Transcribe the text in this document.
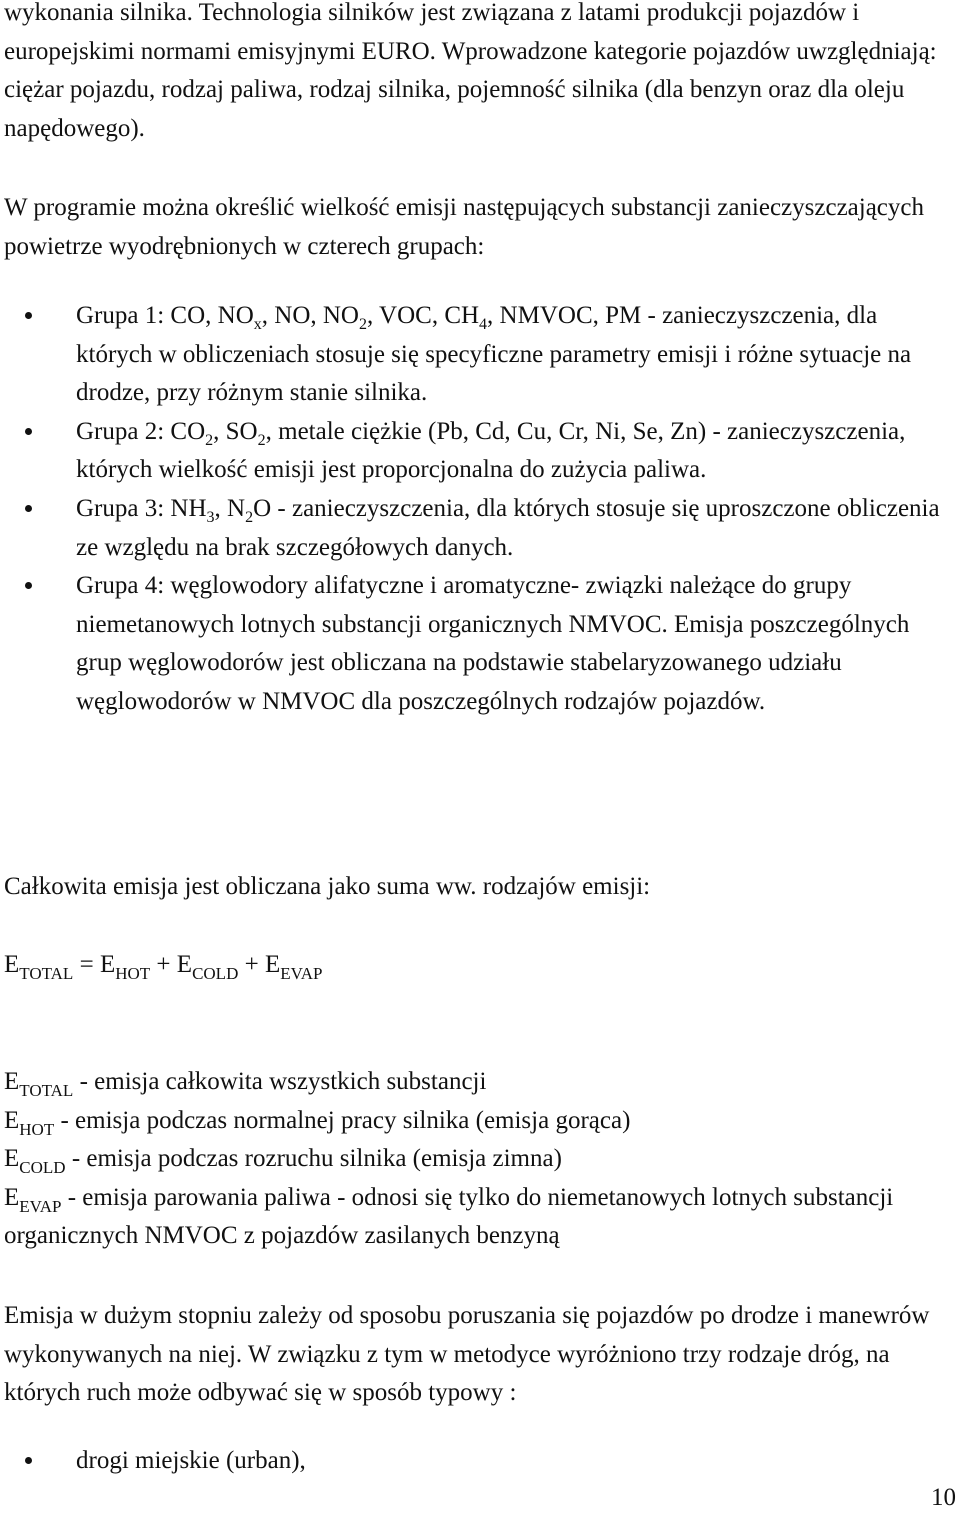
wykonania silnika. Technologia silników jest związana z latami produkcji pojazdów i europejskimi normami emisyjnymi EURO. Wprowadzone kategorie pojazdów uwzględniają: ciężar pojazdu, rodzaj paliwa, rodzaj silnika, pojemność silnika (dla benzyn oraz dla oleju napędowego).

W programie można określić wielkość emisji następujących substancji zanieczyszczających powietrze wyodrębnionych w czterech grupach:

Grupa 1: CO, $NO_x$, NO, $NO_2$, VOC, $CH_4$, NMVOC, PM - zanieczyszczenia, dla których w obliczeniach stosuje się specyficzne parametry emisji i różne sytuacje na drodze, przy różnym stanie silnika.
Grupa 2: $CO_2$, $SO_2$, metale ciężkie (Pb, Cd, Cu, Cr, Ni, Se, Zn) - zanieczyszczenia, których wielkość emisji jest proporcjonalna do zużycia paliwa.
Grupa 3: $NH_3$, $N_2O$ - zanieczyszczenia, dla których stosuje się uproszczone obliczenia ze względu na brak szczegółowych danych.
Grupa 4: węglowodory alifatyczne i aromatyczne- związki należące do grupy niemetanowych lotnych substancji organicznych NMVOC. Emisja poszczególnych grup węglowodorów jest obliczana na podstawie stabelaryzowanego udziału węglowodorów w NMVOC dla poszczególnych rodzajów pojazdów.

Całkowita emisja jest obliczana jako suma ww. rodzajów emisji:

$E_{TOTAL} = E_{HOT} + E_{COLD} + E_{EVAP}$

$E_{TOTAL}$ - emisja całkowita wszystkich substancji
$E_{HOT}$ - emisja podczas normalnej pracy silnika (emisja gorąca)
$E_{COLD}$ - emisja podczas rozruchu silnika (emisja zimna)
$E_{EVAP}$ - emisja parowania paliwa - odnosi się tylko do niemetanowych lotnych substancji organicznych NMVOC z pojazdów zasilanych benzyną

Emisja w dużym stopniu zależy od sposobu poruszania się pojazdów po drodze i manewrów wykonywanych na niej. W związku z tym w metodyce wyróżniono trzy rodzaje dróg, na których ruch może odbywać się w sposób typowy :

drogi miejskie (urban),
10
